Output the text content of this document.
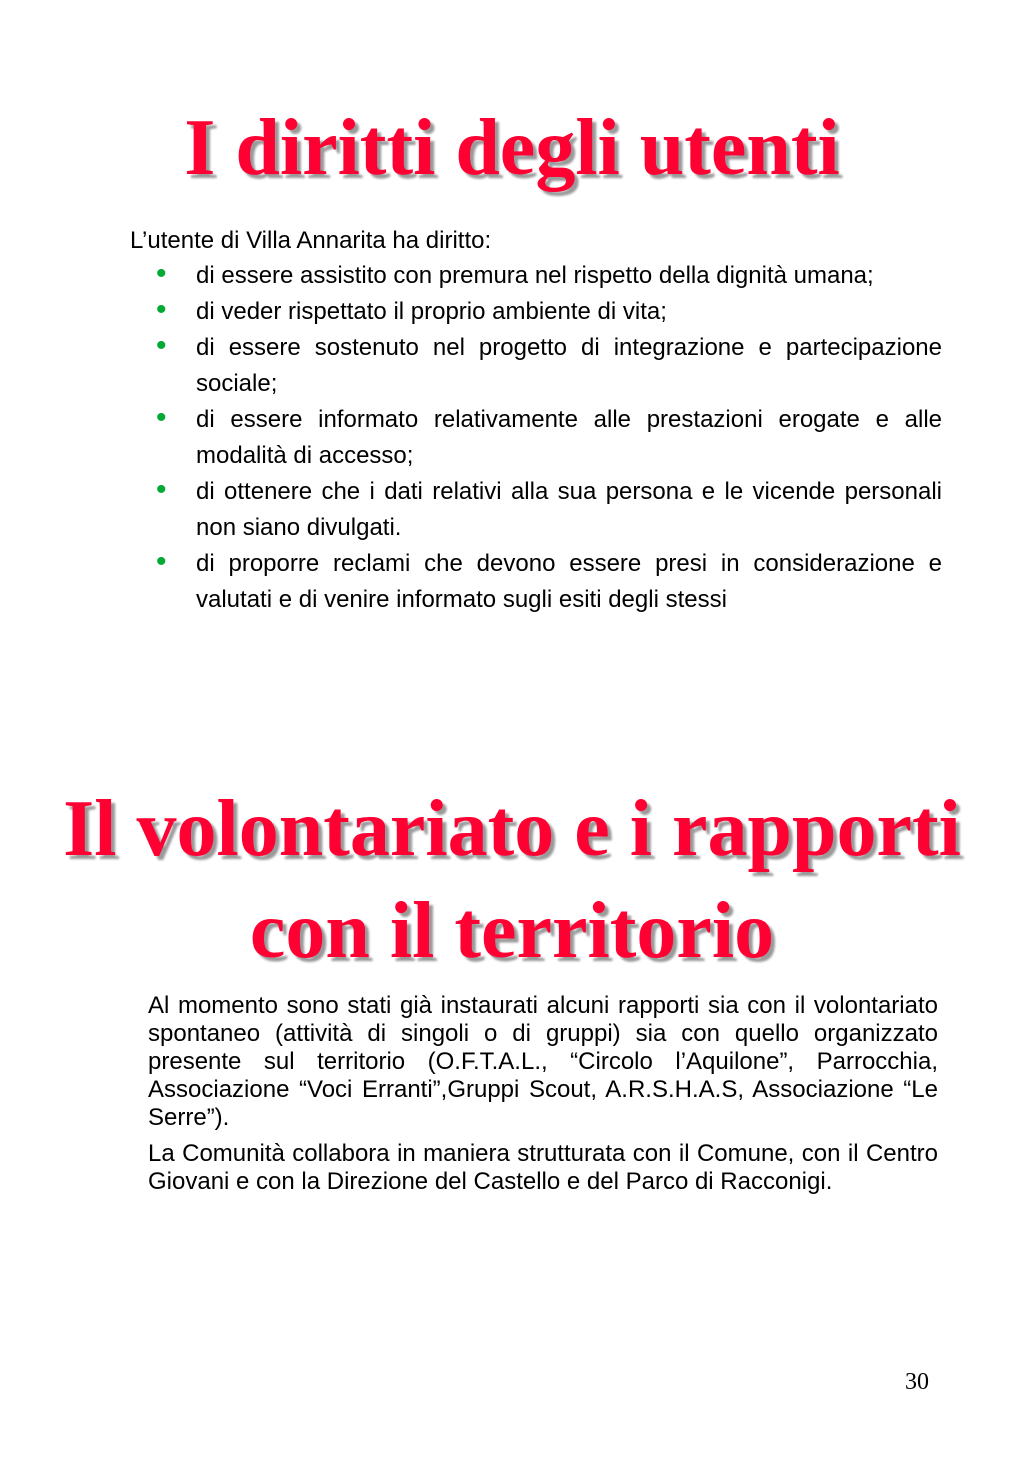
I diritti degli utenti

L’utente di Villa Annarita ha diritto:

• di essere assistito con premura nel rispetto della dignità umana;
• di veder rispettato il proprio ambiente di vita;
• di essere sostenuto nel progetto di integrazione e partecipazione sociale;
• di essere informato relativamente alle prestazioni erogate e alle modalità di accesso;
• di ottenere che i dati relativi alla sua persona e le vicende personali non siano divulgati.
• di proporre reclami che devono essere presi in considerazione e valutati e di venire informato sugli esiti degli stessi
Il volontariato e i rapporti con il territorio

Al momento sono stati già instaurati alcuni rapporti sia con il volontariato spontaneo (attività di singoli o di gruppi) sia con quello organizzato presente sul territorio (O.F.T.A.L., “Circolo l’Aquilone”, Parrocchia, Associazione “Voci Erranti”,Gruppi Scout, A.R.S.H.A.S, Associazione “Le Serre”).

La Comunità collabora in maniera strutturata con il Comune, con il Centro Giovani e con la Direzione del Castello e del Parco di Racconigi.

30
